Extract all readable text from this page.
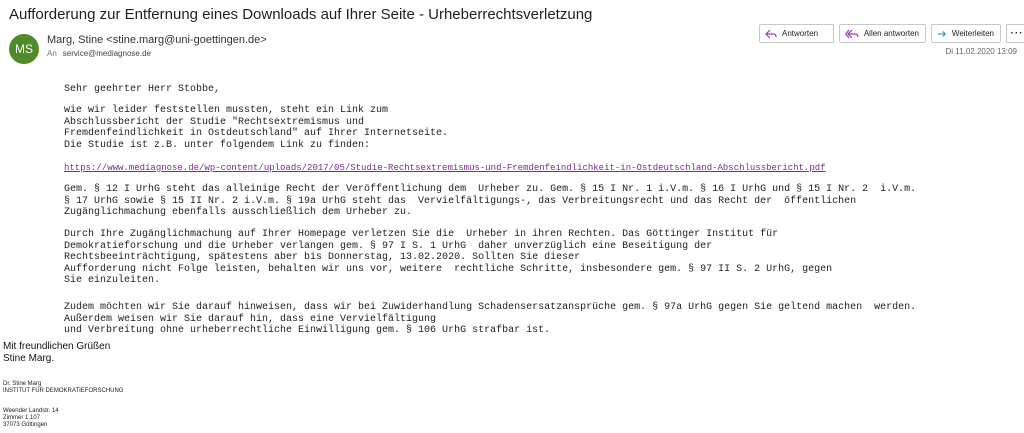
Aufforderung zur Entfernung eines Downloads auf Ihrer Seite - Urheberrechtsverletzung
MS
Marg, Stine <stine.marg@uni-goettingen.de>
An service@mediagnose.de
Antworten	Allen antworten	Weiterleiten	···
Di 11.02.2020 13:09
Sehr geehrter Herr Stobbe,
wie wir leider feststellen mussten, steht ein Link zum
Abschlussbericht der Studie "Rechtsextremismus und
Fremdenfeindlichkeit in Ostdeutschland" auf Ihrer Internetseite.
Die Studie ist z.B. unter folgendem Link zu finden:
https://www.mediagnose.de/wp-content/uploads/2017/05/Studie-Rechtsextremismus-und-Fremdenfeindlichkeit-in-Ostdeutschland-Abschlussbericht.pdf
Gem. § 12 I UrhG steht das alleinige Recht der Veröffentlichung dem  Urheber zu. Gem. § 15 I Nr. 1 i.V.m. § 16 I UrhG und § 15 I Nr. 2  i.V.m.
§ 17 UrhG sowie § 15 II Nr. 2 i.V.m. § 19a UrhG steht das  Vervielfältigungs-, das Verbreitungsrecht und das Recht der  öffentlichen
Zugänglichmachung ebenfalls ausschließlich dem Urheber zu.
Durch Ihre Zugänglichmachung auf Ihrer Homepage verletzen Sie die  Urheber in ihren Rechten. Das Göttinger Institut für
Demokratieforschung und die Urheber verlangen gem. § 97 I S. 1 UrhG  daher unverzüglich eine Beseitigung der
Rechtsbeeinträchtigung, spätestens aber bis Donnerstag, 13.02.2020. Sollten Sie dieser
Aufforderung nicht Folge leisten, behalten wir uns vor, weitere  rechtliche Schritte, insbesondere gem. § 97 II S. 2 UrhG, gegen
Sie einzuleiten.
Zudem möchten wir Sie darauf hinweisen, dass wir bei Zuwiderhandlung Schadensersatzansprüche gem. § 97a UrhG gegen Sie geltend machen  werden.
Außerdem weisen wir Sie darauf hin, dass eine Vervielfältigung
und Verbreitung ohne urheberrechtliche Einwilligung gem. § 106 UrhG strafbar ist.
Mit freundlichen Grüßen
Stine Marg.
Dr. Stine Marg
INSTITUT FÜR DEMOKRATIEFORSCHUNG
Weender Landstr. 14
Zimmer 1.107
37073 Göttingen
